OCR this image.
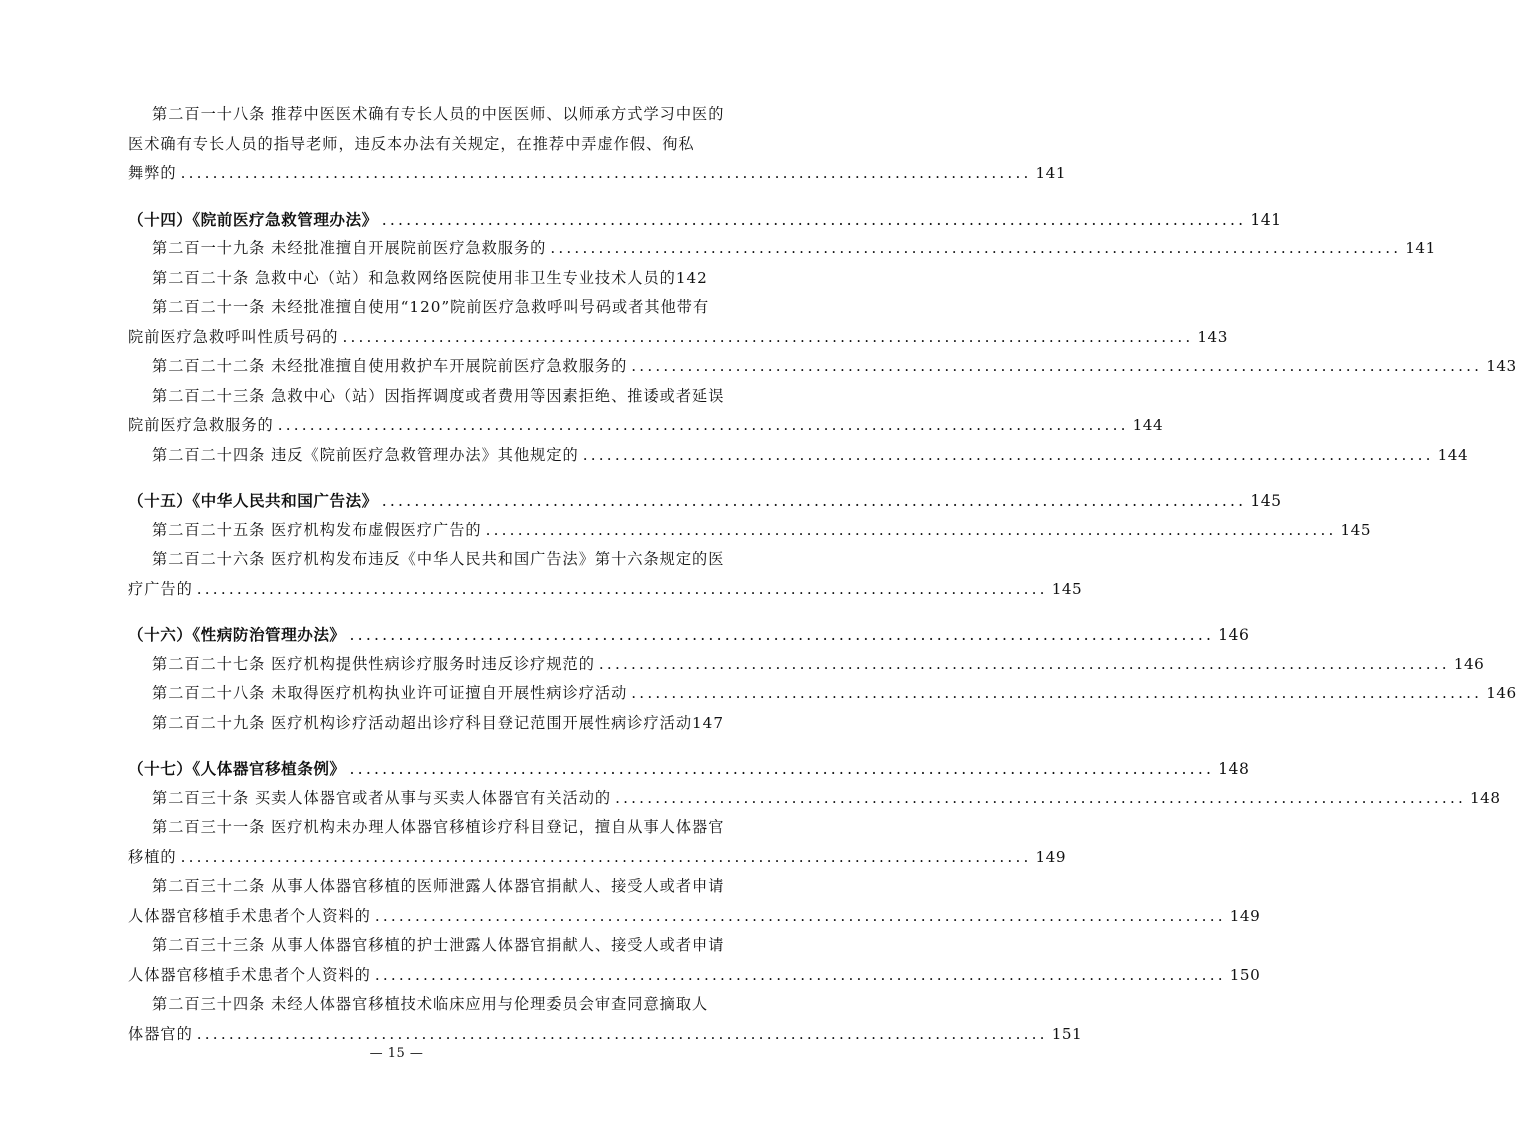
第二百一十八条 推荐中医医术确有专长人员的中医医师、以师承方式学习中医的
医术确有专长人员的指导老师，违反本办法有关规定，在推荐中弄虚作假、徇私
舞弊的 .......................................................................................................... 141
（十四）《院前医疗急救管理办法》 .......................................................................................................... 141
第二百一十九条 未经批准擅自开展院前医疗急救服务的 .......................................................................................................... 141
第二百二十条 急救中心（站）和急救网络医院使用非卫生专业技术人员的142
第二百二十一条 未经批准擅自使用“120”院前医疗急救呼叫号码或者其他带有
院前医疗急救呼叫性质号码的 .......................................................................................................... 143
第二百二十二条 未经批准擅自使用救护车开展院前医疗急救服务的 .......................................................................................................... 143
第二百二十三条 急救中心（站）因指挥调度或者费用等因素拒绝、推诿或者延误
院前医疗急救服务的 .......................................................................................................... 144
第二百二十四条 违反《院前医疗急救管理办法》其他规定的 .......................................................................................................... 144
（十五）《中华人民共和国广告法》 .......................................................................................................... 145
第二百二十五条 医疗机构发布虚假医疗广告的 .......................................................................................................... 145
第二百二十六条 医疗机构发布违反《中华人民共和国广告法》第十六条规定的医
疗广告的 .......................................................................................................... 145
（十六）《性病防治管理办法》 .......................................................................................................... 146
第二百二十七条 医疗机构提供性病诊疗服务时违反诊疗规范的 .......................................................................................................... 146
第二百二十八条 未取得医疗机构执业许可证擅自开展性病诊疗活动 .......................................................................................................... 146
第二百二十九条 医疗机构诊疗活动超出诊疗科目登记范围开展性病诊疗活动147
（十七）《人体器官移植条例》 .......................................................................................................... 148
第二百三十条 买卖人体器官或者从事与买卖人体器官有关活动的 .......................................................................................................... 148
第二百三十一条 医疗机构未办理人体器官移植诊疗科目登记，擅自从事人体器官
移植的 .......................................................................................................... 149
第二百三十二条 从事人体器官移植的医师泄露人体器官捐献人、接受人或者申请
人体器官移植手术患者个人资料的 .......................................................................................................... 149
第二百三十三条 从事人体器官移植的护士泄露人体器官捐献人、接受人或者申请
人体器官移植手术患者个人资料的 .......................................................................................................... 150
第二百三十四条 未经人体器官移植技术临床应用与伦理委员会审查同意摘取人
体器官的 .......................................................................................................... 151
— 15 —
